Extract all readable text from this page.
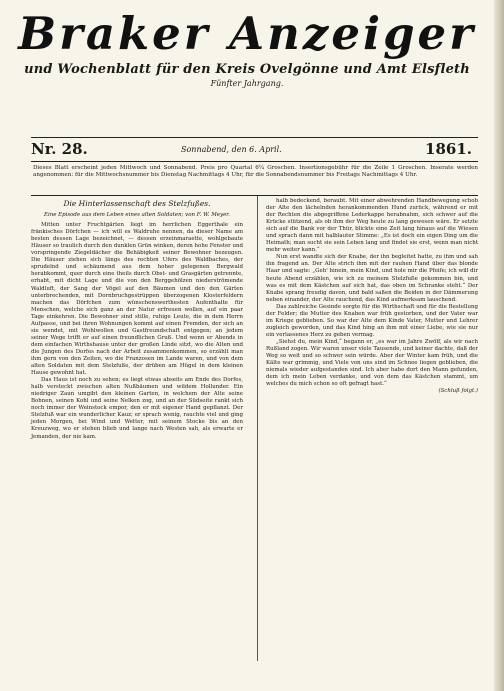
Braker Anzeiger
und Wochenblatt für den Kreis Ovelgönne und Amt Elsfleth
Fünfter Jahrgang.
Nr. 28.	Sonnabend, den 6. April.	1861.
Dieses Blatt erscheint jeden Mittwoch und Sonnabend. Preis pro Quartal 6¼ Groschen. Insertionsgebühr für die Zeile 1 Groschen. Inserate werden angenommen: für die Mittwochsnummer bis Dienstag Nachmittags 4 Uhr, für die Sonnabendsnummer bis Freitags Nachmittags 4 Uhr.
Die Hinterlassenschaft des Stelzfußes.
Eine Episode aus dem Leben eines alten Soldaten; von F. W. Meyer.

Mitten unter Fruchtgärten liegt im herrlichen Eggerthale ein fränkisches Dörfchen — ich will es Waldruhe nennen, da dieser Name am besten dessen Lage bezeichnet, — dessen erzeinmaraette, wohlgebaute Häuser so traulich durch den dunklen Grün winken, deren hohe Fenster und vorspringende Ziegeldächer die Behäbigkeit seiner Bewohner bezeugen. Die Häuser ziehen sich längs des rechten Ufers des Waldbaches, der sprudelnd und schäumend aus dem hoher gelegenen Bergwald herabkommt, quer durch eine theils durch Obst- und Grasgärten getrennte, erhabt, mit dicht Lage und die von den Berggehölzen niederströmende Waldluft, der Sang der Vögel auf den Bäumen und den den Gärten unterbrechenden, mit Dornbruchgestrüppen überzogenen Klosterfeldern machen das Dörfchen zum wünschenswerthesten Aufenthalte für Menschen, welche sich ganz an der Natur erfreuen wollen, auf ein paar Tage einkehren. Die Bewohner sind stille, ruhige Leute, die in dem Herrn Aufpasse, und bei ihren Wohnungen kommt auf einen Fremden, der sich an sie wendet, mit Wohlwollen und Gastfreundschaft entgegen; an jedem seiner Wege trifft er auf einen freundlichen Gruß. Und wenn er Abends in dem einfachen Wirthshause unter der großen Linde sitzt, wo die Alten und die Jungen des Dorfes nach der Arbeit zusammenkommen, so erzählt man ihm gern von den Zeiten, wo die Franzosen im Lande waren, und von dem alten Soldaten mit dem Stelzfuße, der drüben am Hügel in dem kleinen Hause gewohnt hat.

Das Haus ist noch zu sehen; es liegt etwas abseits am Ende des Dorfes, halb versteckt zwischen alten Nußbäumen und wildem Hollunder. Ein niedriger Zaun umgibt den kleinen Garten, in welchem der Alte seine Bohnen, seinen Kohl und seine Nelken zog, und an der Südseite rankt sich noch immer der Weinstock empor, den er mit eigener Hand gepflanzt. Der Stelzfuß war ein wunderlicher Kauz; er sprach wenig, rauchte viel und ging jeden Morgen, bei Wind und Wetter, mit seinem Stocke bis an den Kreuzweg, wo er stehen blieb und lange nach Westen sah, als erwarte er Jemanden, der nie kam.

halb bedeckend, beraubt. Mit einer abwehrenden Handbewegung schob der Alte den lächelnden herankommenden Hund zurück, während er mit der Rechten die abgegriffene Lederkappe herabnahm, sich schwer auf die Krücke stützend, als ob ihm der Weg heute zu lang gewesen wäre. Er setzte sich auf die Bank vor der Thür, blickte eine Zeit lang hinaus auf die Wiesen und sprach dann mit halblauter Stimme: „Es ist doch ein eigen Ding um die Heimath; man sucht sie sein Leben lang und findet sie erst, wenn man nicht mehr weiter kann.“

Nun erst wandte sich der Knabe, der ihn begleitet hatte, zu ihm und sah ihn fragend an. Der Alte strich ihm mit der rauhen Hand über das blonde Haar und sagte: „Geh' hinein, mein Kind, und hole mir die Pfeife; ich will dir heute Abend erzählen, wie ich zu meinem Stelzfuße gekommen bin, und was es mit dem Kästchen auf sich hat, das oben im Schranke steht.“ Der Knabe sprang freudig davon, und bald saßen die Beiden in der Dämmerung neben einander, der Alte rauchend, das Kind aufmerksam lauschend.

Das zahlreiche Gesinde sorgte für die Wirthschaft und für die Bestellung der Felder; die Mutter des Knaben war früh gestorben, und der Vater war im Kriege geblieben. So war der Alte dem Kinde Vater, Mutter und Lehrer zugleich geworden, und das Kind hing an ihm mit einer Liebe, wie sie nur ein verlassenes Herz zu geben vermag.

„Siehst du, mein Kind,“ begann er, „es war im Jahre Zwölf, als wir nach Rußland zogen. Wir waren unser viele Tausende, und keiner dachte, daß der Weg so weit und so schwer sein würde. Aber der Winter kam früh, und die Kälte war grimmig, und Viele von uns sind im Schnee liegen geblieben, die niemals wieder aufgestanden sind. Ich aber habe dort den Mann gefunden, dem ich mein Leben verdanke, und von dem das Kästchen stammt, um welches du mich schon so oft gefragt hast.“

(Schluß folgt.)
